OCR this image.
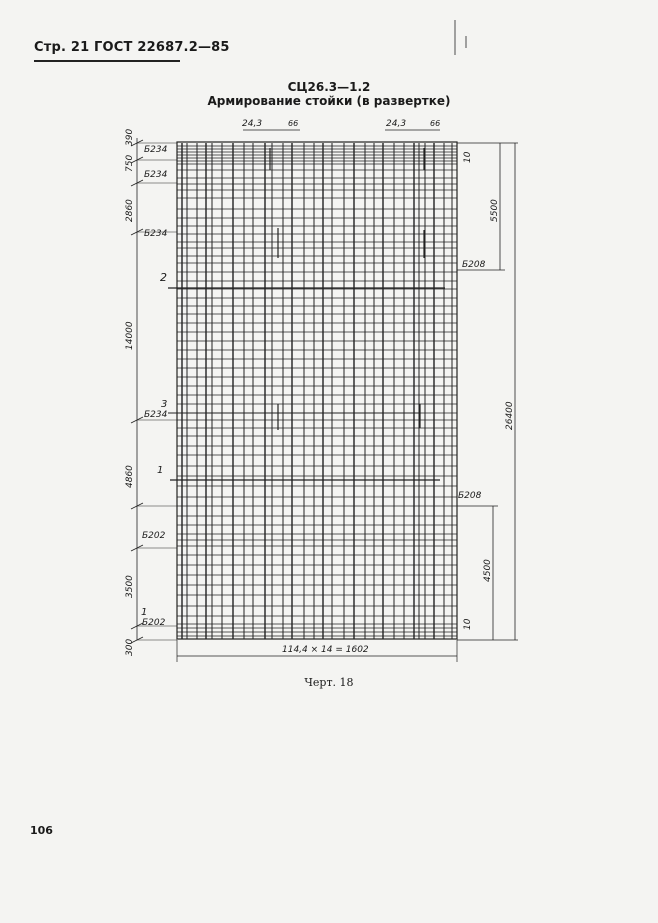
Стр. 21 ГОСТ 22687.2—85
СЦ26.3—1.2
Армирование стойки (в развертке)
390
750
2860
14000
4860
3500
300
10
5500
26400
4500
10
24,3	66	24,3	66
114,4 × 14 = 1602
Б234
Б234
Б234
Б234
Б202
Б202
Б208
Б208
2
3
1
1
Черт. 18
106
